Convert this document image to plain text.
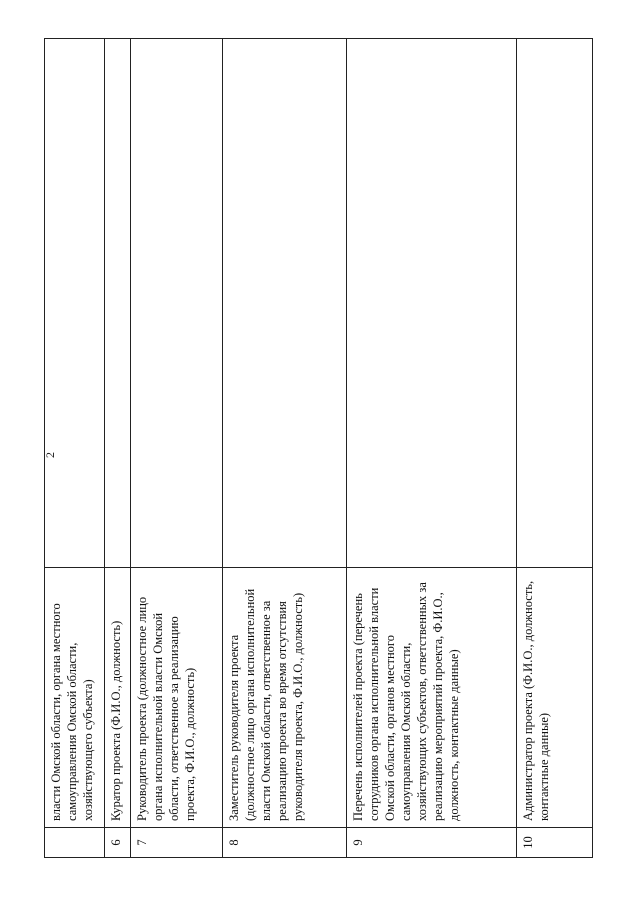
2
	власти Омской области, органа местного самоуправления Омской области, хозяйствующего субъекта)	
6	Куратор проекта (Ф.И.О., должность)	
7	Руководитель проекта (должностное лицо органа исполнительной власти Омской области, ответственное за реализацию проекта, Ф.И.О., должность)	
8	Заместитель руководителя проекта (должностное лицо органа исполнительной власти Омской области, ответственное за реализацию проекта во время отсутствия руководителя проекта, Ф.И.О., должность)	
9	Перечень исполнителей проекта (перечень сотрудников органа исполнительной власти Омской области, органов местного самоуправления Омской области, хозяйствующих субъектов, ответственных за реализацию мероприятий проекта, Ф.И.О., должность, контактные данные)	
10	Администратор проекта (Ф.И.О., должность, контактные данные)	
